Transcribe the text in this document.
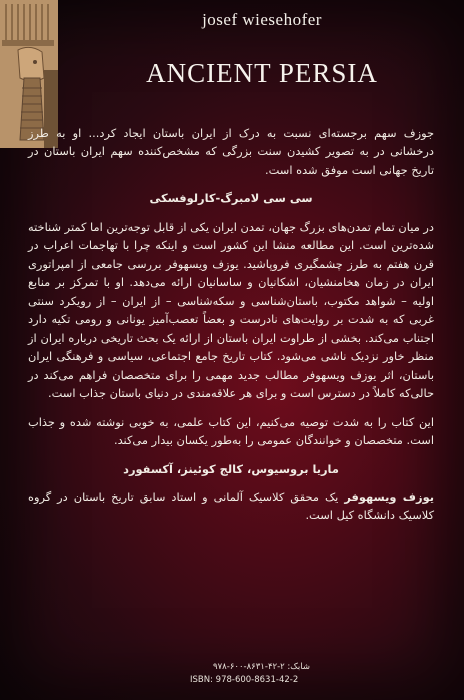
josef wiesehofer
ANCIENT PERSIA

جوزف سهم برجسته‌ای نسبت به درک از ایران باستان ایجاد کرد... او به طرز درخشانی در به تصویر کشیدن سنت بزرگی که مشخص‌کننده سهم ایران باستان در تاریخ جهانی است موفق شده است.

سی سی لامبرگ-کارلوفسکی

در میان تمام تمدن‌های بزرگ جهان، تمدن ایران یکی از قابل توجه‌ترین اما کمتر شناخته شده‌ترین است. این مطالعه منشا این کشور است و اینکه چرا با تهاجمات اعراب در قرن هفتم به طرز چشمگیری فروپاشید. یوزف ویسهوفر بررسی جامعی از امپراتوری ایران در زمان هخامنشیان، اشکانیان و ساسانیان ارائه می‌دهد. او با تمرکز بر منابع اولیه – شواهد مکتوب، باستان‌شناسی و سکه‌شناسی – از ایران – از رویکرد سنتی غربی که به شدت بر روایت‌های نادرست و بعضاً تعصب‌آمیز یونانی و رومی تکیه دارد اجتناب می‌کند. بخشی از طراوت ایران باستان از ارائه یک بحث تاریخی درباره ایران از منظر خاور نزدیک ناشی می‌شود. کتاب تاریخ جامع اجتماعی، سیاسی و فرهنگی ایران باستان، اثر یوزف ویسهوفر مطالب جدید مهمی را برای متخصصان فراهم می‌کند در حالی‌که کاملاً در دسترس است و برای هر علاقه‌مندی در دنیای باستان جذاب است.

این کتاب را به شدت توصیه می‌کنیم، این کتاب علمی، به خوبی نوشته شده و جذاب است. متخصصان و خوانندگان عمومی را به‌طور یکسان بیدار می‌کند.

ماریا بروسیوس، کالج کوئینز، آکسفورد

یوزف ویسهوفر یک محقق کلاسیک آلمانی و استاد سابق تاریخ باستان در گروه کلاسیک دانشگاه کیل است.

شابک: ۲-۴۲-۸۶۳۱-۶۰۰-۹۷۸
ISBN: 978-600-8631-42-2
